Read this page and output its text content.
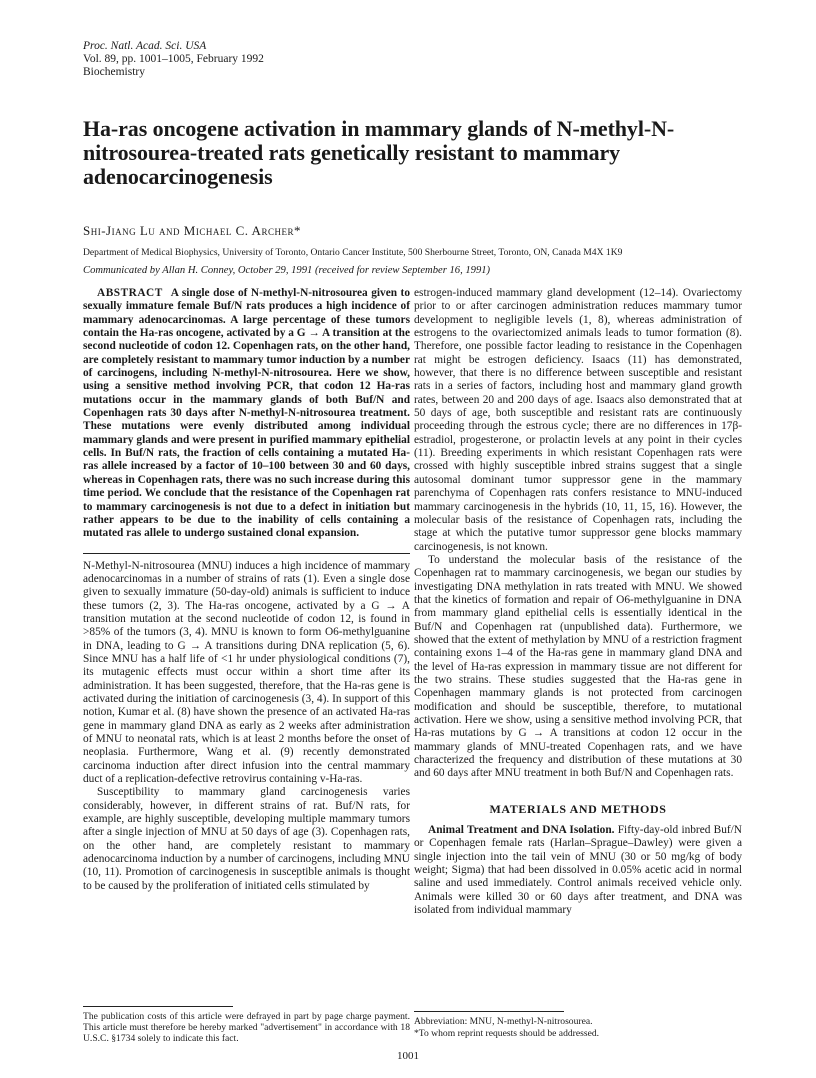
Proc. Natl. Acad. Sci. USA
Vol. 89, pp. 1001–1005, February 1992
Biochemistry
Ha-ras oncogene activation in mammary glands of N-methyl-N-nitrosourea-treated rats genetically resistant to mammary adenocarcinogenesis

Shi-Jiang Lu and Michael C. Archer*

Department of Medical Biophysics, University of Toronto, Ontario Cancer Institute, 500 Sherbourne Street, Toronto, ON, Canada M4X 1K9

Communicated by Allan H. Conney, October 29, 1991 (received for review September 16, 1991)

ABSTRACT A single dose of N-methyl-N-nitrosourea given to sexually immature female Buf/N rats produces a high incidence of mammary adenocarcinomas. A large percentage of these tumors contain the Ha-ras oncogene, activated by a G → A transition at the second nucleotide of codon 12. Copenhagen rats, on the other hand, are completely resistant to mammary tumor induction by a number of carcinogens, including N-methyl-N-nitrosourea. Here we show, using a sensitive method involving PCR, that codon 12 Ha-ras mutations occur in the mammary glands of both Buf/N and Copenhagen rats 30 days after N-methyl-N-nitrosourea treatment. These mutations were evenly distributed among individual mammary glands and were present in purified mammary epithelial cells. In Buf/N rats, the fraction of cells containing a mutated Ha-ras allele increased by a factor of 10–100 between 30 and 60 days, whereas in Copenhagen rats, there was no such increase during this time period. We conclude that the resistance of the Copenhagen rat to mammary carcinogenesis is not due to a defect in initiation but rather appears to be due to the inability of cells containing a mutated ras allele to undergo sustained clonal expansion.

N-Methyl-N-nitrosourea (MNU) induces a high incidence of mammary adenocarcinomas in a number of strains of rats (1). Even a single dose given to sexually immature (50-day-old) animals is sufficient to induce these tumors (2, 3). The Ha-ras oncogene, activated by a G → A transition mutation at the second nucleotide of codon 12, is found in >85% of the tumors (3, 4). MNU is known to form O6-methylguanine in DNA, leading to G → A transitions during DNA replication (5, 6). Since MNU has a half life of <1 hr under physiological conditions (7), its mutagenic effects must occur within a short time after its administration. It has been suggested, therefore, that the Ha-ras gene is activated during the initiation of carcinogenesis (3, 4). In support of this notion, Kumar et al. (8) have shown the presence of an activated Ha-ras gene in mammary gland DNA as early as 2 weeks after administration of MNU to neonatal rats, which is at least 2 months before the onset of neoplasia. Furthermore, Wang et al. (9) recently demonstrated carcinoma induction after direct infusion into the central mammary duct of a replication-defective retrovirus containing v-Ha-ras.

Susceptibility to mammary gland carcinogenesis varies considerably, however, in different strains of rat. Buf/N rats, for example, are highly susceptible, developing multiple mammary tumors after a single injection of MNU at 50 days of age (3). Copenhagen rats, on the other hand, are completely resistant to mammary adenocarcinoma induction by a number of carcinogens, including MNU (10, 11). Promotion of carcinogenesis in susceptible animals is thought to be caused by the proliferation of initiated cells stimulated by

estrogen-induced mammary gland development (12–14). Ovariectomy prior to or after carcinogen administration reduces mammary tumor development to negligible levels (1, 8), whereas administration of estrogens to the ovariectomized animals leads to tumor formation (8). Therefore, one possible factor leading to resistance in the Copenhagen rat might be estrogen deficiency. Isaacs (11) has demonstrated, however, that there is no difference between susceptible and resistant rats in a series of factors, including host and mammary gland growth rates, between 20 and 200 days of age. Isaacs also demonstrated that at 50 days of age, both susceptible and resistant rats are continuously proceeding through the estrous cycle; there are no differences in 17β-estradiol, progesterone, or prolactin levels at any point in their cycles (11). Breeding experiments in which resistant Copenhagen rats were crossed with highly susceptible inbred strains suggest that a single autosomal dominant tumor suppressor gene in the mammary parenchyma of Copenhagen rats confers resistance to MNU-induced mammary carcinogenesis in the hybrids (10, 11, 15, 16). However, the molecular basis of the resistance of Copenhagen rats, including the stage at which the putative tumor suppressor gene blocks mammary carcinogenesis, is not known.

To understand the molecular basis of the resistance of the Copenhagen rat to mammary carcinogenesis, we began our studies by investigating DNA methylation in rats treated with MNU. We showed that the kinetics of formation and repair of O6-methylguanine in DNA from mammary gland epithelial cells is essentially identical in the Buf/N and Copenhagen rat (unpublished data). Furthermore, we showed that the extent of methylation by MNU of a restriction fragment containing exons 1–4 of the Ha-ras gene in mammary gland DNA and the level of Ha-ras expression in mammary tissue are not different for the two strains. These studies suggested that the Ha-ras gene in Copenhagen mammary glands is not protected from carcinogen modification and should be susceptible, therefore, to mutational activation. Here we show, using a sensitive method involving PCR, that Ha-ras mutations by G → A transitions at codon 12 occur in the mammary glands of MNU-treated Copenhagen rats, and we have characterized the frequency and distribution of these mutations at 30 and 60 days after MNU treatment in both Buf/N and Copenhagen rats.

MATERIALS AND METHODS

Animal Treatment and DNA Isolation. Fifty-day-old inbred Buf/N or Copenhagen female rats (Harlan–Sprague–Dawley) were given a single injection into the tail vein of MNU (30 or 50 mg/kg of body weight; Sigma) that had been dissolved in 0.05% acetic acid in normal saline and used immediately. Control animals received vehicle only. Animals were killed 30 or 60 days after treatment, and DNA was isolated from individual mammary

The publication costs of this article were defrayed in part by page charge payment. This article must therefore be hereby marked "advertisement" in accordance with 18 U.S.C. §1734 solely to indicate this fact.
Abbreviation: MNU, N-methyl-N-nitrosourea.
*To whom reprint requests should be addressed.
1001
